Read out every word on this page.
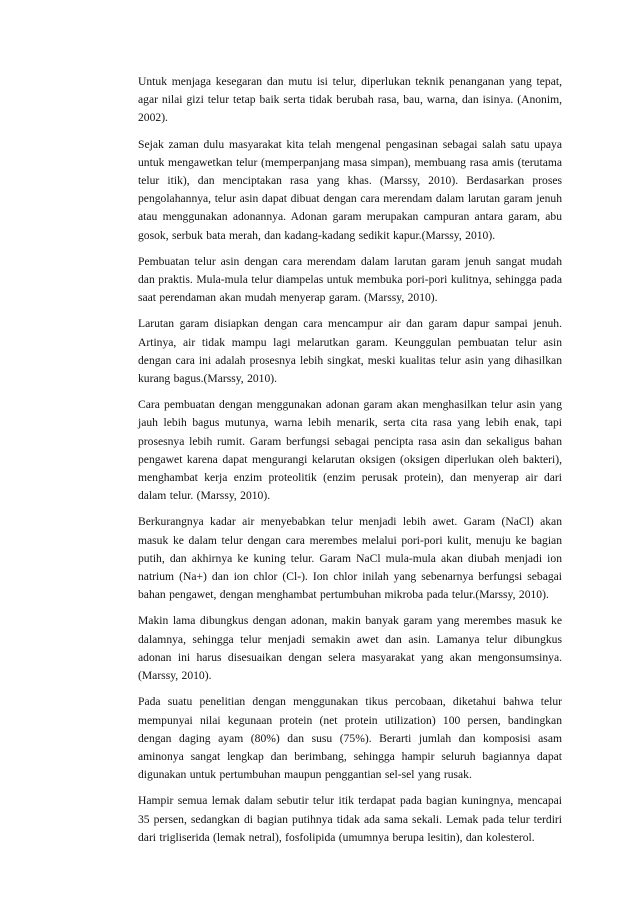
Untuk menjaga kesegaran dan mutu isi telur, diperlukan teknik penanganan yang tepat, agar nilai gizi telur tetap baik serta tidak berubah rasa, bau, warna, dan isinya. (Anonim, 2002).

Sejak zaman dulu masyarakat kita telah mengenal pengasinan sebagai salah satu upaya untuk mengawetkan telur (memperpanjang masa simpan), membuang rasa amis (terutama telur itik), dan menciptakan rasa yang khas. (Marssy, 2010). Berdasarkan proses pengolahannya, telur asin dapat dibuat dengan cara merendam dalam larutan garam jenuh atau menggunakan adonannya. Adonan garam merupakan campuran antara garam, abu gosok, serbuk bata merah, dan kadang-kadang sedikit kapur.(Marssy, 2010).

Pembuatan telur asin dengan cara merendam dalam larutan garam jenuh sangat mudah dan praktis. Mula-mula telur diampelas untuk membuka pori-pori kulitnya, sehingga pada saat perendaman akan mudah menyerap garam. (Marssy, 2010).

Larutan garam disiapkan dengan cara mencampur air dan garam dapur sampai jenuh. Artinya, air tidak mampu lagi melarutkan garam. Keunggulan pembuatan telur asin dengan cara ini adalah prosesnya lebih singkat, meski kualitas telur asin yang dihasilkan kurang bagus.(Marssy, 2010).

Cara pembuatan dengan menggunakan adonan garam akan menghasilkan telur asin yang jauh lebih bagus mutunya, warna lebih menarik, serta cita rasa yang lebih enak, tapi prosesnya lebih rumit. Garam berfungsi sebagai pencipta rasa asin dan sekaligus bahan pengawet karena dapat mengurangi kelarutan oksigen (oksigen diperlukan oleh bakteri), menghambat kerja enzim proteolitik (enzim perusak protein), dan menyerap air dari dalam telur. (Marssy, 2010).

Berkurangnya kadar air menyebabkan telur menjadi lebih awet. Garam (NaCl) akan masuk ke dalam telur dengan cara merembes melalui pori-pori kulit, menuju ke bagian putih, dan akhirnya ke kuning telur. Garam NaCl mula-mula akan diubah menjadi ion natrium (Na+) dan ion chlor (Cl-). Ion chlor inilah yang sebenarnya berfungsi sebagai bahan pengawet, dengan menghambat pertumbuhan mikroba pada telur.(Marssy, 2010).

Makin lama dibungkus dengan adonan, makin banyak garam yang merembes masuk ke dalamnya, sehingga telur menjadi semakin awet dan asin. Lamanya telur dibungkus adonan ini harus disesuaikan dengan selera masyarakat yang akan mengonsumsinya. (Marssy, 2010).

Pada suatu penelitian dengan menggunakan tikus percobaan, diketahui bahwa telur mempunyai nilai kegunaan protein (net protein utilization) 100 persen, bandingkan dengan daging ayam (80%) dan susu (75%). Berarti jumlah dan komposisi asam aminonya sangat lengkap dan berimbang, sehingga hampir seluruh bagiannya dapat digunakan untuk pertumbuhan maupun penggantian sel-sel yang rusak.

Hampir semua lemak dalam sebutir telur itik terdapat pada bagian kuningnya, mencapai 35 persen, sedangkan di bagian putihnya tidak ada sama sekali. Lemak pada telur terdiri dari trigliserida (lemak netral), fosfolipida (umumnya berupa lesitin), dan kolesterol.
